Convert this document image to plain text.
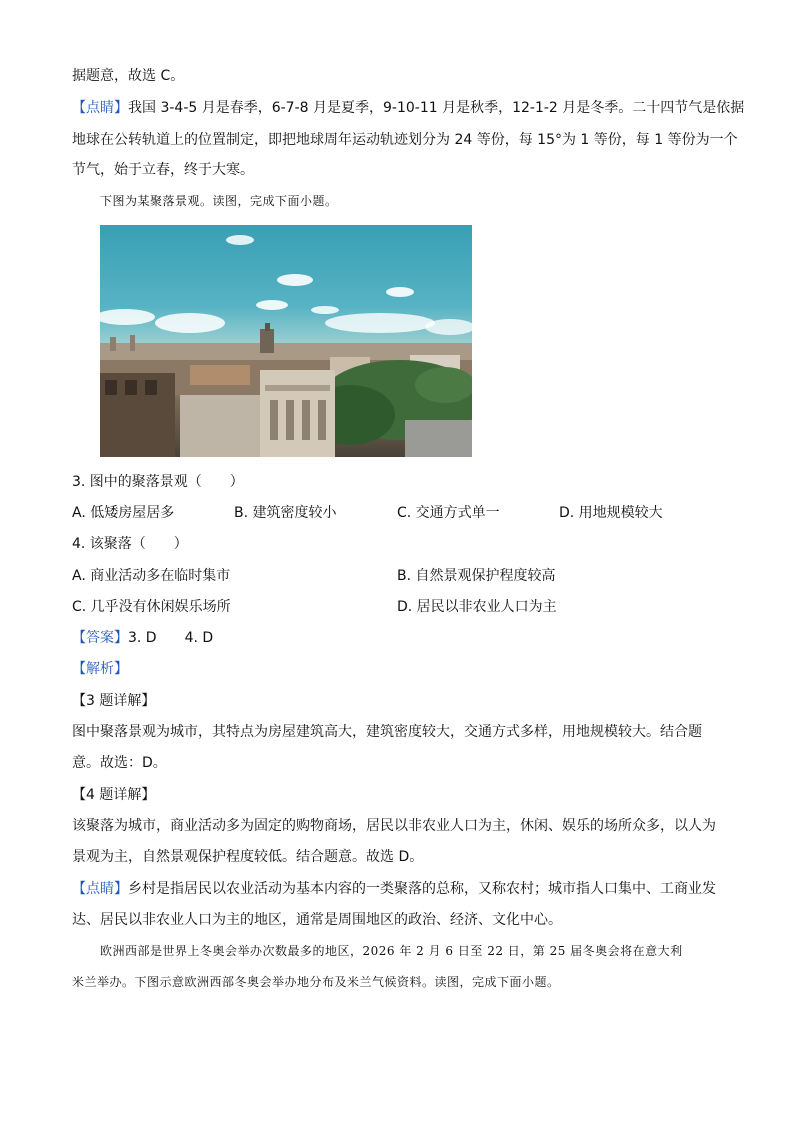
据题意，故选 C。
【点睛】我国 3-4-5 月是春季，6-7-8 月是夏季，9-10-11 月是秋季，12-1-2 月是冬季。二十四节气是依据
地球在公转轨道上的位置制定，即把地球周年运动轨迹划分为 24 等份，每 15°为 1 等份，每 1 等份为一个
节气，始于立春，终于大寒。
下图为某聚落景观。读图，完成下面小题。
3. 图中的聚落景观（　　）
A. 低矮房屋居多	B. 建筑密度较小	C. 交通方式单一	D. 用地规模较大
4. 该聚落（　　）
A. 商业活动多在临时集市	B. 自然景观保护程度较高
C. 几乎没有休闲娱乐场所	D. 居民以非农业人口为主
【答案】3. D　　4. D
【解析】
【3 题详解】
图中聚落景观为城市，其特点为房屋建筑高大，建筑密度较大，交通方式多样，用地规模较大。结合题
意。故选：D。
【4 题详解】
该聚落为城市，商业活动多为固定的购物商场，居民以非农业人口为主，休闲、娱乐的场所众多，以人为
景观为主，自然景观保护程度较低。结合题意。故选 D。
【点睛】乡村是指居民以农业活动为基本内容的一类聚落的总称，又称农村；城市指人口集中、工商业发
达、居民以非农业人口为主的地区，通常是周围地区的政治、经济、文化中心。
欧洲西部是世界上冬奥会举办次数最多的地区，2026 年 2 月 6 日至 22 日，第 25 届冬奥会将在意大利
米兰举办。下图示意欧洲西部冬奥会举办地分布及米兰气候资料。读图，完成下面小题。
